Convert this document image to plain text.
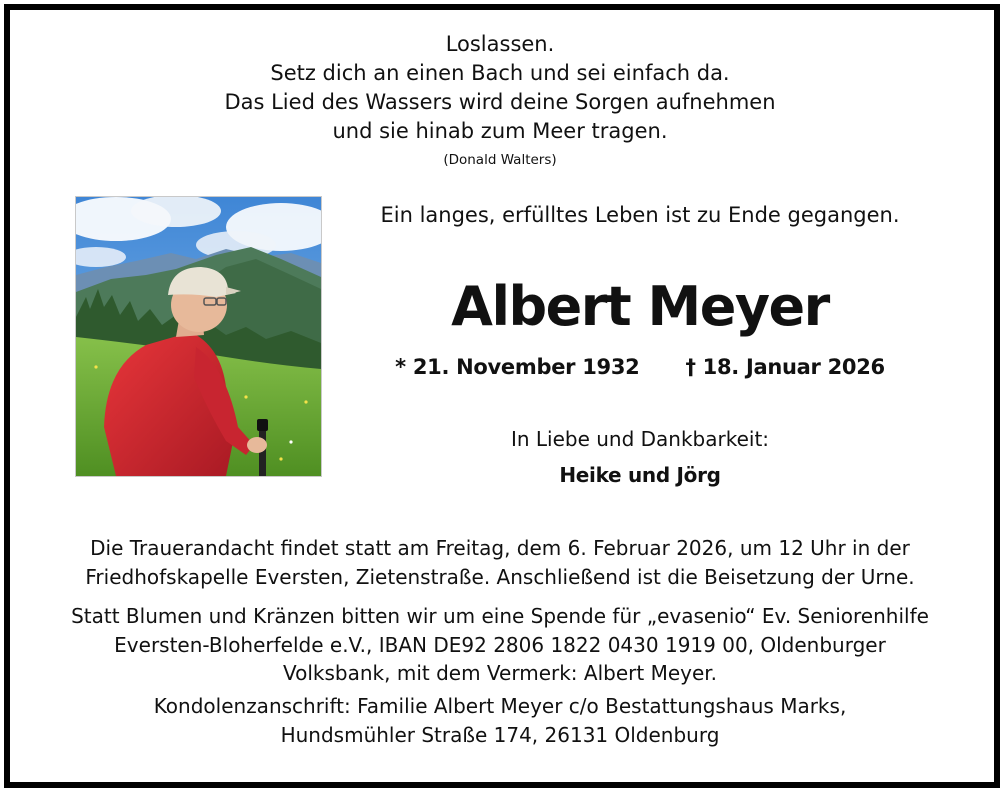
Loslassen.
Setz dich an einen Bach und sei einfach da.
Das Lied des Wassers wird deine Sorgen aufnehmen
und sie hinab zum Meer tragen.
(Donald Walters)
Ein langes, erfülltes Leben ist zu Ende gegangen.
Albert Meyer
* 21. November 1932 † 18. Januar 2026
In Liebe und Dankbarkeit:
Heike und Jörg
Die Trauerandacht findet statt am Freitag, dem 6. Februar 2026, um 12 Uhr in der
Friedhofskapelle Eversten, Zietenstraße. Anschließend ist die Beisetzung der Urne.
Statt Blumen und Kränzen bitten wir um eine Spende für „evasenio“ Ev. Seniorenhilfe
Eversten-Bloherfelde e.V., IBAN DE92 2806 1822 0430 1919 00, Oldenburger
Volksbank, mit dem Vermerk: Albert Meyer.
Kondolenzanschrift: Familie Albert Meyer c/o Bestattungshaus Marks,
Hundsmühler Straße 174, 26131 Oldenburg
